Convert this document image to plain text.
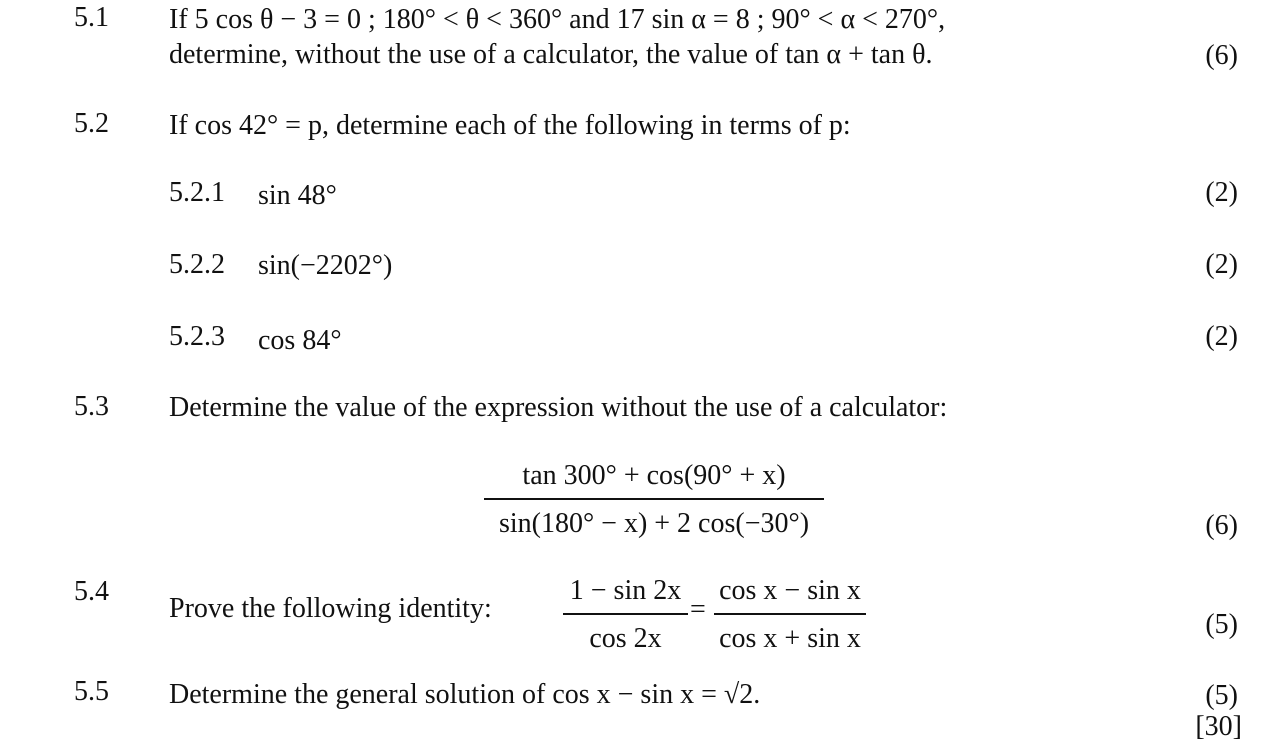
5.1 If 5 cos θ − 3 = 0 ; 180° < θ < 360° and 17 sin α = 8 ; 90° < α < 270°,
determine, without the use of a calculator, the value of tan α + tan θ.	(6)
5.2 If cos 42° = p, determine each of the following in terms of p:
5.2.1 sin 48°	(2)
5.2.2 sin(−2202°)	(2)
5.2.3 cos 84°	(2)
5.3 Determine the value of the expression without the use of a calculator:
$\frac{\tan 300^\circ + \cos(90^\circ + x)}{\sin(180^\circ - x) + 2 \cos(-30^\circ)}$	(6)
5.4
Prove the following identity:	$\frac{1 - \sin 2x}{\cos 2x} = \frac{\text{cos x − sin x}}{\text{cos x + sin x}}$	(5)
5.5 Determine the general solution of cos x − sin x = √2.	(5)
[30]
